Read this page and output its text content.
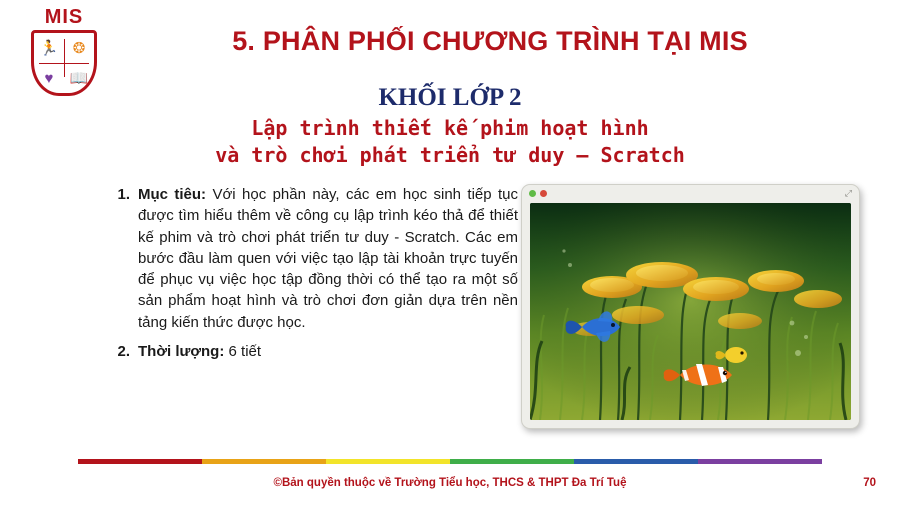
MIS
🏃 ❂
♥ 📖
5. PHÂN PHỐI CHƯƠNG TRÌNH TẠI MIS
KHỐI LỚP 2
Lập trình thiết kế phim hoạt hình
và trò chơi phát triển tư duy – Scratch
1. Mục tiêu: Với học phần này, các em học sinh tiếp tục được tìm hiểu thêm về công cụ lập trình kéo thả để thiết kế phim và trò chơi phát triển tư duy - Scratch. Các em bước đầu làm quen với việc tạo lập tài khoản trực tuyến để phục vụ việc học tập đồng thời có thể tạo ra một số sản phẩm hoạt hình và trò chơi đơn giản dựa trên nền tảng kiến thức được học.
2. Thời lượng: 6 tiết
⤢
©Bản quyền thuộc về Trường Tiểu học, THCS & THPT Đa Trí Tuệ	70
